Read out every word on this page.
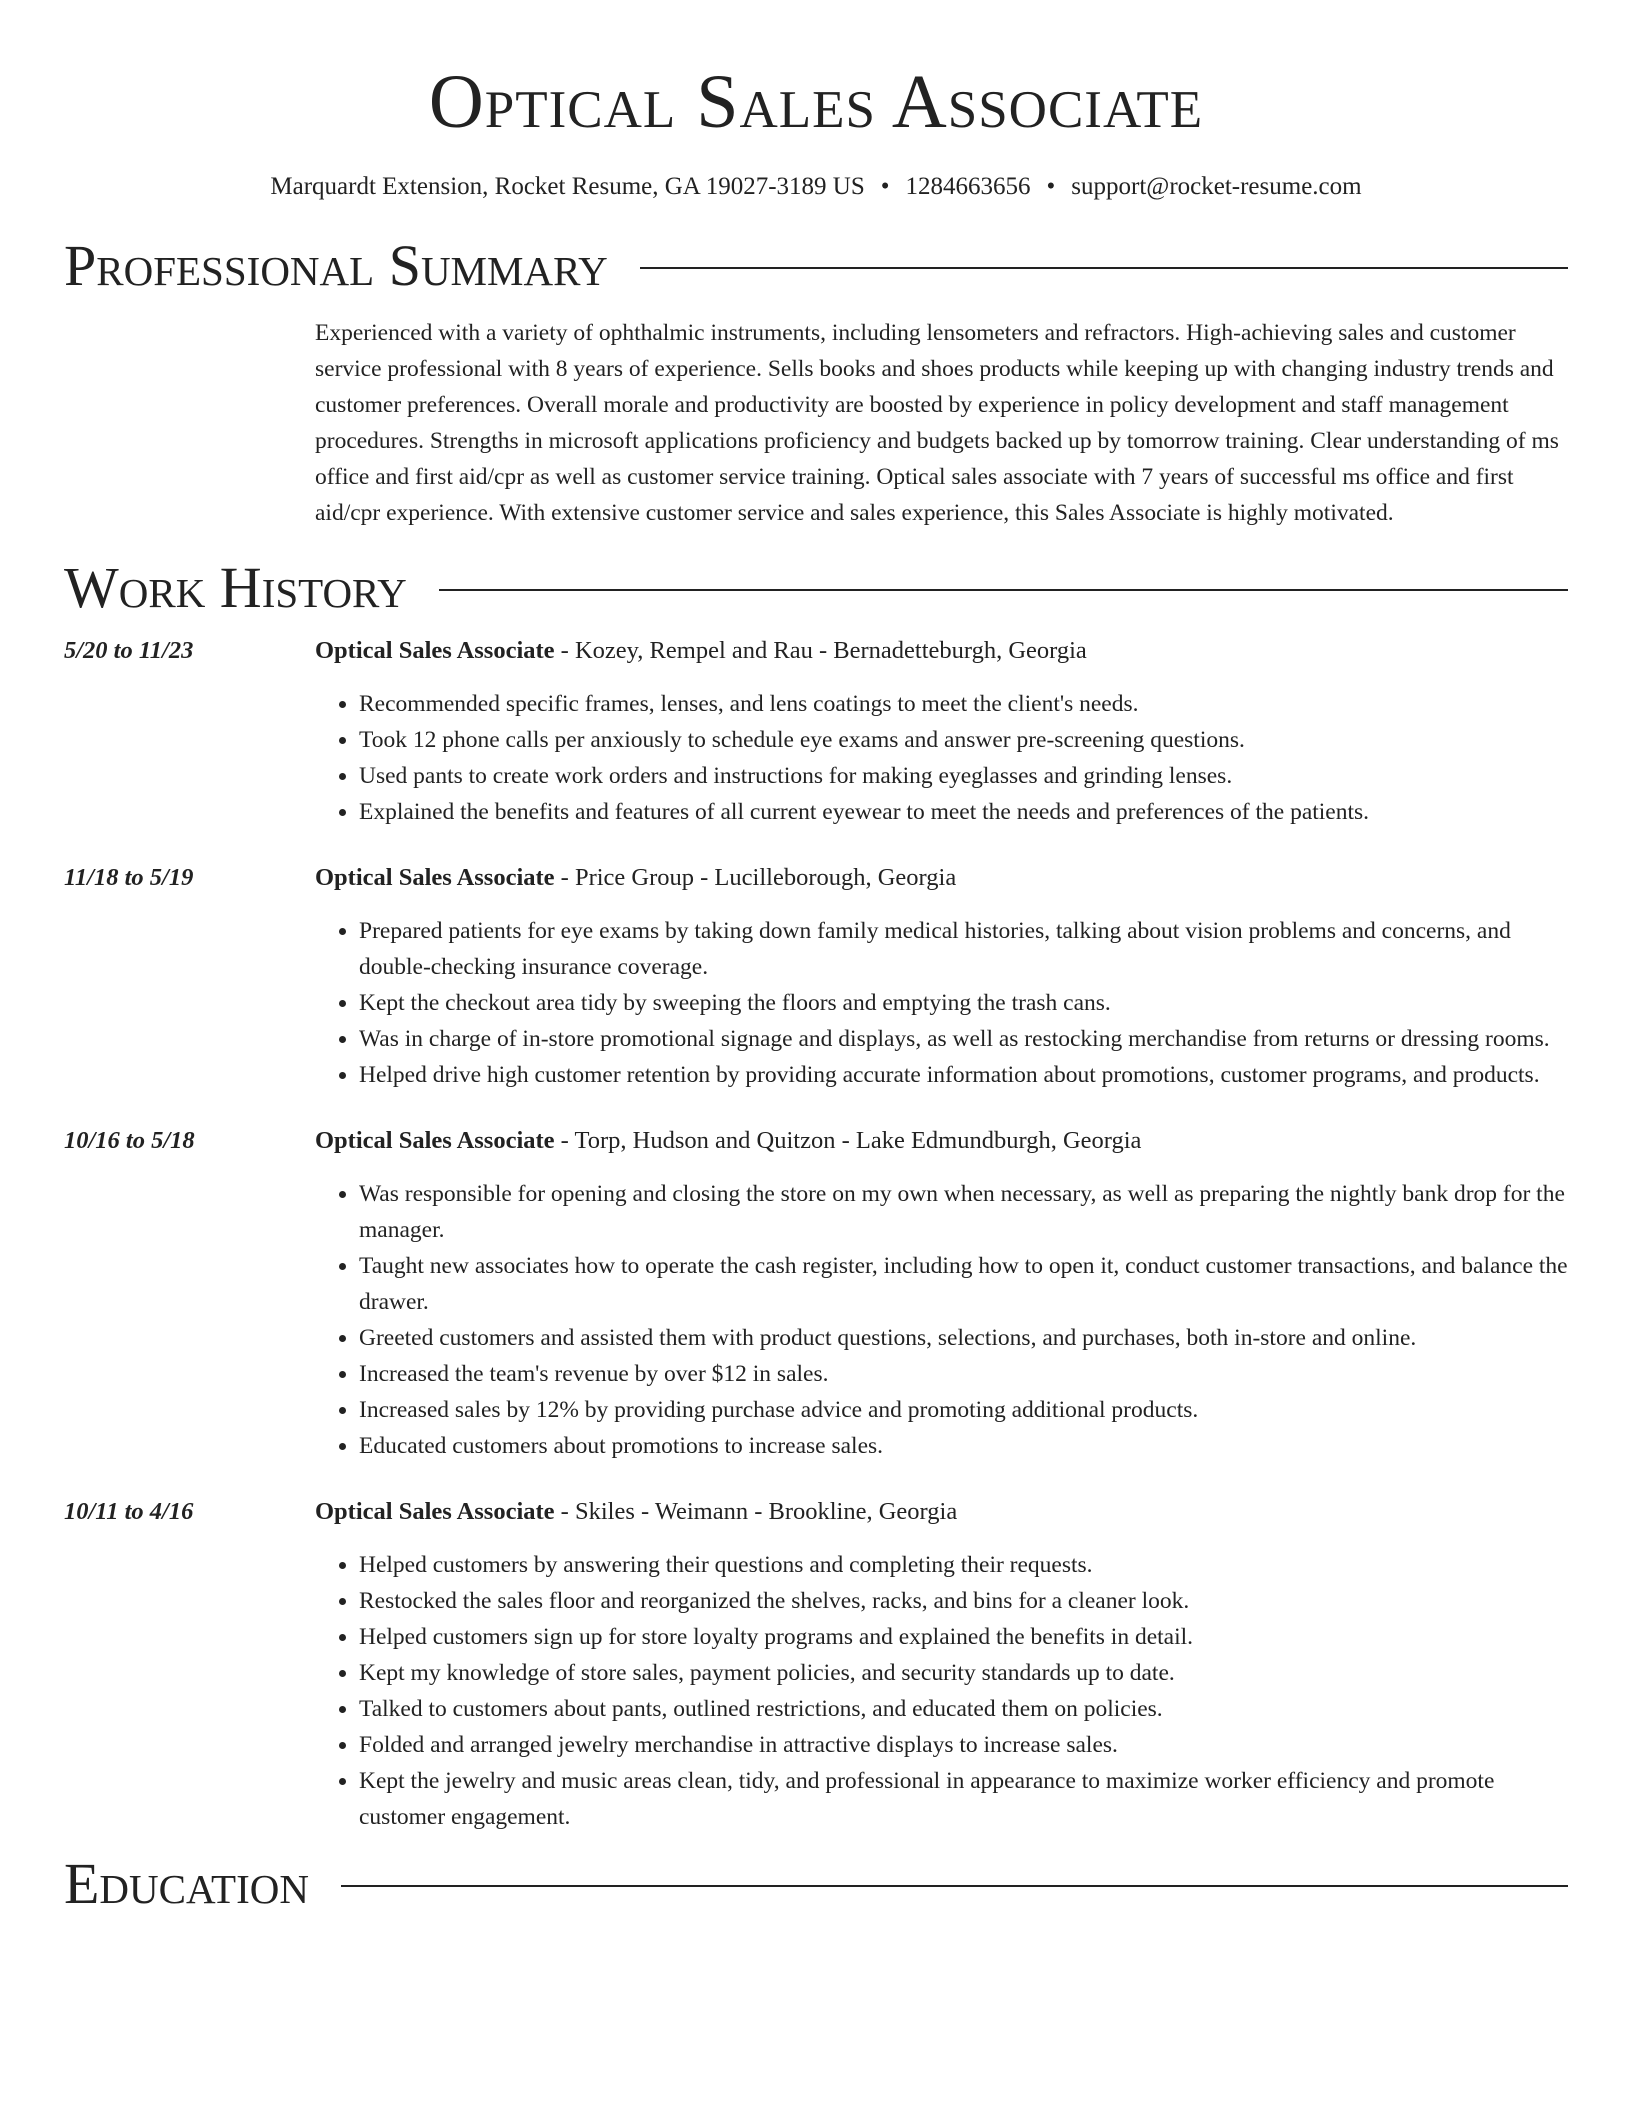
Optical Sales Associate
Marquardt Extension, Rocket Resume, GA 19027-3189 US • 1284663656 • support@rocket-resume.com
Professional Summary
Experienced with a variety of ophthalmic instruments, including lensometers and refractors. High-achieving sales and customer service professional with 8 years of experience. Sells books and shoes products while keeping up with changing industry trends and customer preferences. Overall morale and productivity are boosted by experience in policy development and staff management procedures. Strengths in microsoft applications proficiency and budgets backed up by tomorrow training. Clear understanding of ms office and first aid/cpr as well as customer service training. Optical sales associate with 7 years of successful ms office and first aid/cpr experience. With extensive customer service and sales experience, this Sales Associate is highly motivated.
Work History
5/20 to 11/23	Optical Sales Associate - Kozey, Rempel and Rau - Bernadetteburgh, Georgia
• Recommended specific frames, lenses, and lens coatings to meet the client's needs.
• Took 12 phone calls per anxiously to schedule eye exams and answer pre-screening questions.
• Used pants to create work orders and instructions for making eyeglasses and grinding lenses.
• Explained the benefits and features of all current eyewear to meet the needs and preferences of the patients.
11/18 to 5/19	Optical Sales Associate - Price Group - Lucilleborough, Georgia
• Prepared patients for eye exams by taking down family medical histories, talking about vision problems and concerns, and double-checking insurance coverage.
• Kept the checkout area tidy by sweeping the floors and emptying the trash cans.
• Was in charge of in-store promotional signage and displays, as well as restocking merchandise from returns or dressing rooms.
• Helped drive high customer retention by providing accurate information about promotions, customer programs, and products.
10/16 to 5/18	Optical Sales Associate - Torp, Hudson and Quitzon - Lake Edmundburgh, Georgia
• Was responsible for opening and closing the store on my own when necessary, as well as preparing the nightly bank drop for the manager.
• Taught new associates how to operate the cash register, including how to open it, conduct customer transactions, and balance the drawer.
• Greeted customers and assisted them with product questions, selections, and purchases, both in-store and online.
• Increased the team's revenue by over $12 in sales.
• Increased sales by 12% by providing purchase advice and promoting additional products.
• Educated customers about promotions to increase sales.
10/11 to 4/16	Optical Sales Associate - Skiles - Weimann - Brookline, Georgia
• Helped customers by answering their questions and completing their requests.
• Restocked the sales floor and reorganized the shelves, racks, and bins for a cleaner look.
• Helped customers sign up for store loyalty programs and explained the benefits in detail.
• Kept my knowledge of store sales, payment policies, and security standards up to date.
• Talked to customers about pants, outlined restrictions, and educated them on policies.
• Folded and arranged jewelry merchandise in attractive displays to increase sales.
• Kept the jewelry and music areas clean, tidy, and professional in appearance to maximize worker efficiency and promote customer engagement.
Education
